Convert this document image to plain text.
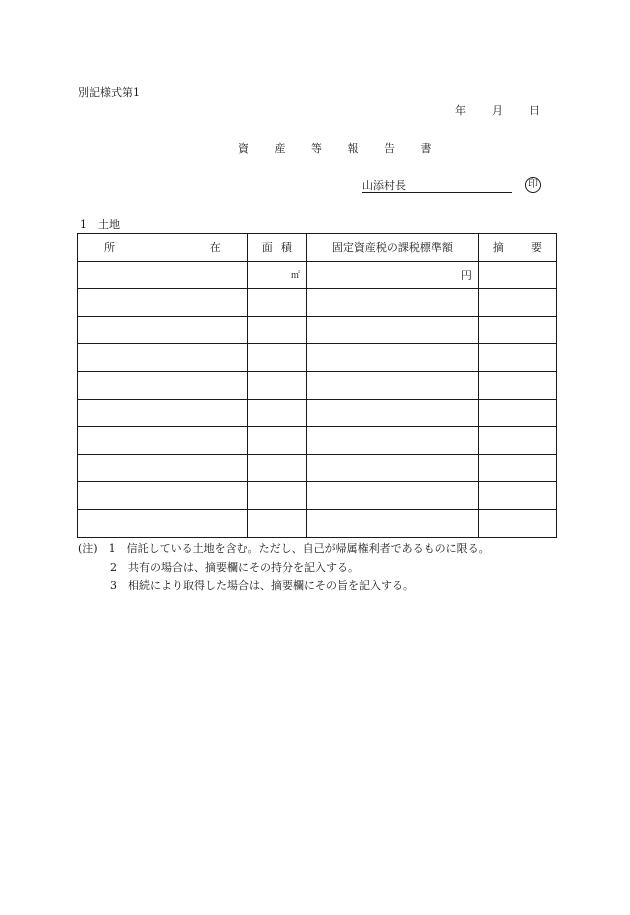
別記様式第1
年 月 日
資 産 等 報 告 書
山添村長	印
1　土地
所 在	面 積	固定資産税の課税標準額	摘 要

	㎡	円	

(注)　1　信託している土地を含む。ただし、自己が帰属権利者であるものに限る。
2　共有の場合は、摘要欄にその持分を記入する。
3　相続により取得した場合は、摘要欄にその旨を記入する。
